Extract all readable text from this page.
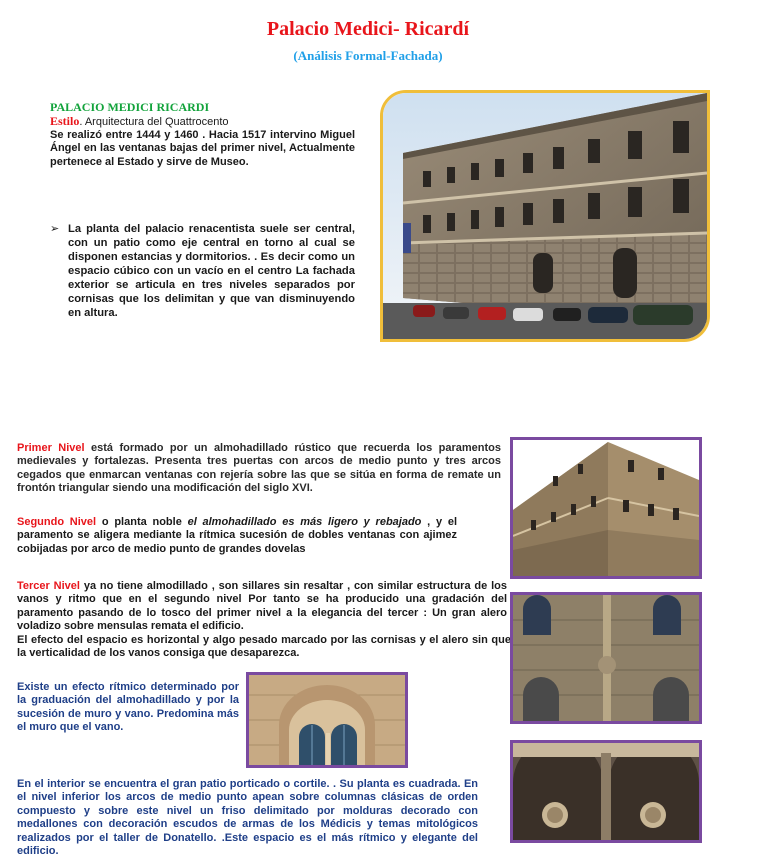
Palacio Medici- Ricardí
(Análisis Formal-Fachada)
PALACIO MEDICI RICARDI
Estilo. Arquitectura del Quattrocento
Se realizó entre 1444 y 1460 . Hacia 1517 intervino Miguel Ángel en las ventanas bajas del primer nivel, Actualmente pertenece al Estado y sirve de Museo.
➢ La planta del palacio renacentista suele ser central, con un patio como eje central en torno al cual se disponen estancias y dormitorios. . Es decir como un espacio cúbico con un vacío en el centro La fachada exterior se articula en tres niveles separados por cornisas que los delimitan y que van disminuyendo en altura.
Primer Nivel está formado por un almohadillado rústico que recuerda los paramentos medievales y fortalezas. Presenta tres puertas con arcos de medio punto y tres arcos cegados que enmarcan ventanas con rejería sobre las que se sitúa en forma de remate un frontón triangular siendo una modificación del siglo XVI.
Segundo Nivel o planta noble el almohadillado es más ligero y rebajado , y el paramento se aligera mediante la rítmica sucesión de dobles ventanas con ajimez cobijadas por arco de medio punto de grandes dovelas
Tercer Nivel ya no tiene almodillado , son sillares sin resaltar , con similar estructura de los vanos y ritmo que en el segundo nivel Por tanto se ha producido una gradación del paramento pasando de lo tosco del primer nivel a la elegancia del tercer : Un gran alero voladizo sobre mensulas remata el edificio.
El efecto del espacio es horizontal y algo pesado marcado por las cornisas y el alero sin que la verticalidad de los vanos consiga que desaparezca.
Existe un efecto rítmico determinado por la graduación del almohadillado y por la sucesión de muro y vano. Predomina más el muro que el vano.
En el interior se encuentra el gran patio porticado o cortile. . Su planta es cuadrada. En el nivel inferior los arcos de medio punto apean sobre columnas clásicas de orden compuesto y sobre este nivel un friso delimitado por molduras decorado con medallones con decoración escudos de armas de los Médicis y temas mitológicos realizados por el taller de Donatello. .Este espacio es el más rítmico y elegante del edificio.
